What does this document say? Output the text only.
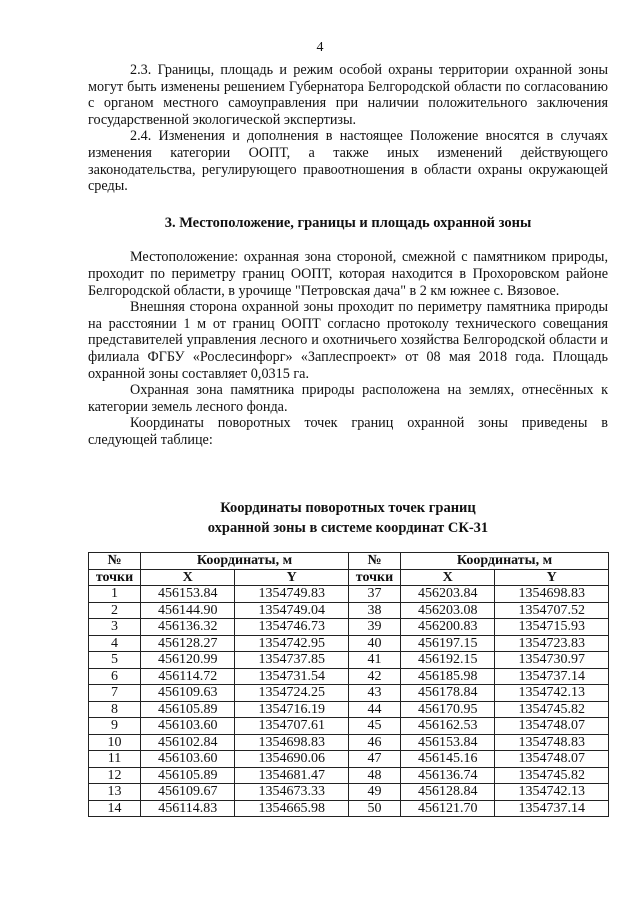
4

2.3. Границы, площадь и режим особой охраны территории охранной зоны могут быть изменены решением Губернатора Белгородской области по согласованию с органом местного самоуправления при наличии положительного заключения государственной экологической экспертизы.

2.4. Изменения и дополнения в настоящее Положение вносятся в случаях изменения категории ООПТ, а также иных изменений действующего законодательства, регулирующего правоотношения в области охраны окружающей среды.

3. Местоположение, границы и площадь охранной зоны

Местоположение: охранная зона стороной, смежной с памятником природы, проходит по периметру границ ООПТ, которая находится в Прохоровском районе Белгородской области, в урочище "Петровская дача" в 2 км южнее с. Вязовое.

Внешняя сторона охранной зоны проходит по периметру памятника природы на расстоянии 1 м от границ ООПТ согласно протоколу технического совещания представителей управления лесного и охотничьего хозяйства Белгородской области и филиала ФГБУ «Рослесинфорг» «Заплеспроект» от 08 мая 2018 года. Площадь охранной зоны составляет 0,0315 га.

Охранная зона памятника природы расположена на землях, отнесённых к категории земель лесного фонда.

Координаты поворотных точек границ охранной зоны приведены в следующей таблице:

Координаты поворотных точек границ
охранной зоны в системе координат СК-31
№	Координаты, м		№	Координаты, м	
точки	X	Y	точки	X	Y
1	456153.84	1354749.83	37	456203.84	1354698.83
2	456144.90	1354749.04	38	456203.08	1354707.52
3	456136.32	1354746.73	39	456200.83	1354715.93
4	456128.27	1354742.95	40	456197.15	1354723.83
5	456120.99	1354737.85	41	456192.15	1354730.97
6	456114.72	1354731.54	42	456185.98	1354737.14
7	456109.63	1354724.25	43	456178.84	1354742.13
8	456105.89	1354716.19	44	456170.95	1354745.82
9	456103.60	1354707.61	45	456162.53	1354748.07
10	456102.84	1354698.83	46	456153.84	1354748.83
11	456103.60	1354690.06	47	456145.16	1354748.07
12	456105.89	1354681.47	48	456136.74	1354745.82
13	456109.67	1354673.33	49	456128.84	1354742.13
14	456114.83	1354665.98	50	456121.70	1354737.14
